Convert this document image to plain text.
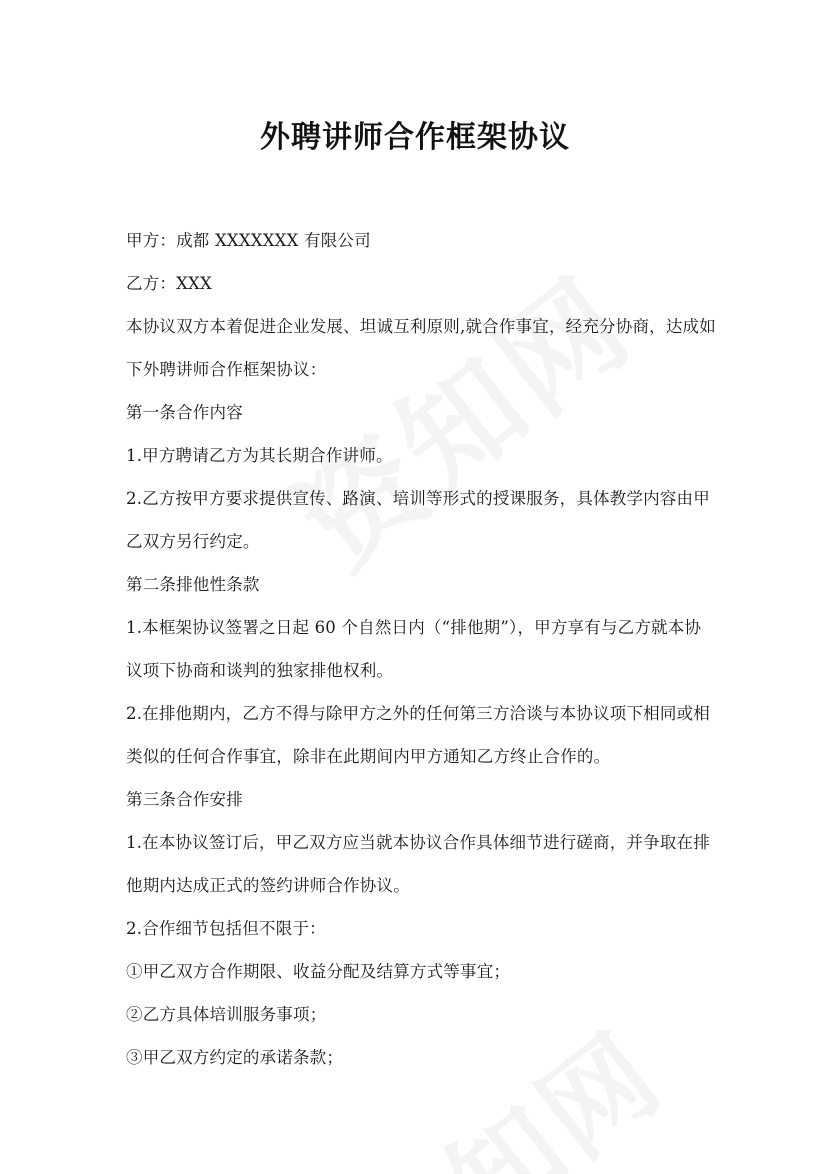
外聘讲师合作框架协议

甲方：成都 XXXXXXX 有限公司

乙方：XXX

本协议双方本着促进企业发展、坦诚互利原则,就合作事宜，经充分协商，达成如

下外聘讲师合作框架协议：

第一条合作内容

1.甲方聘请乙方为其长期合作讲师。

2.乙方按甲方要求提供宣传、路演、培训等形式的授课服务，具体教学内容由甲

乙双方另行约定。

第二条排他性条款

1.本框架协议签署之日起 60 个自然日内（“排他期”），甲方享有与乙方就本协

议项下协商和谈判的独家排他权利。

2.在排他期内，乙方不得与除甲方之外的任何第三方洽谈与本协议项下相同或相

类似的任何合作事宜，除非在此期间内甲方通知乙方终止合作的。

第三条合作安排

1.在本协议签订后，甲乙双方应当就本协议合作具体细节进行磋商，并争取在排

他期内达成正式的签约讲师合作协议。

2.合作细节包括但不限于：

①甲乙双方合作期限、收益分配及结算方式等事宜；

②乙方具体培训服务事项；

③甲乙双方约定的承诺条款；
